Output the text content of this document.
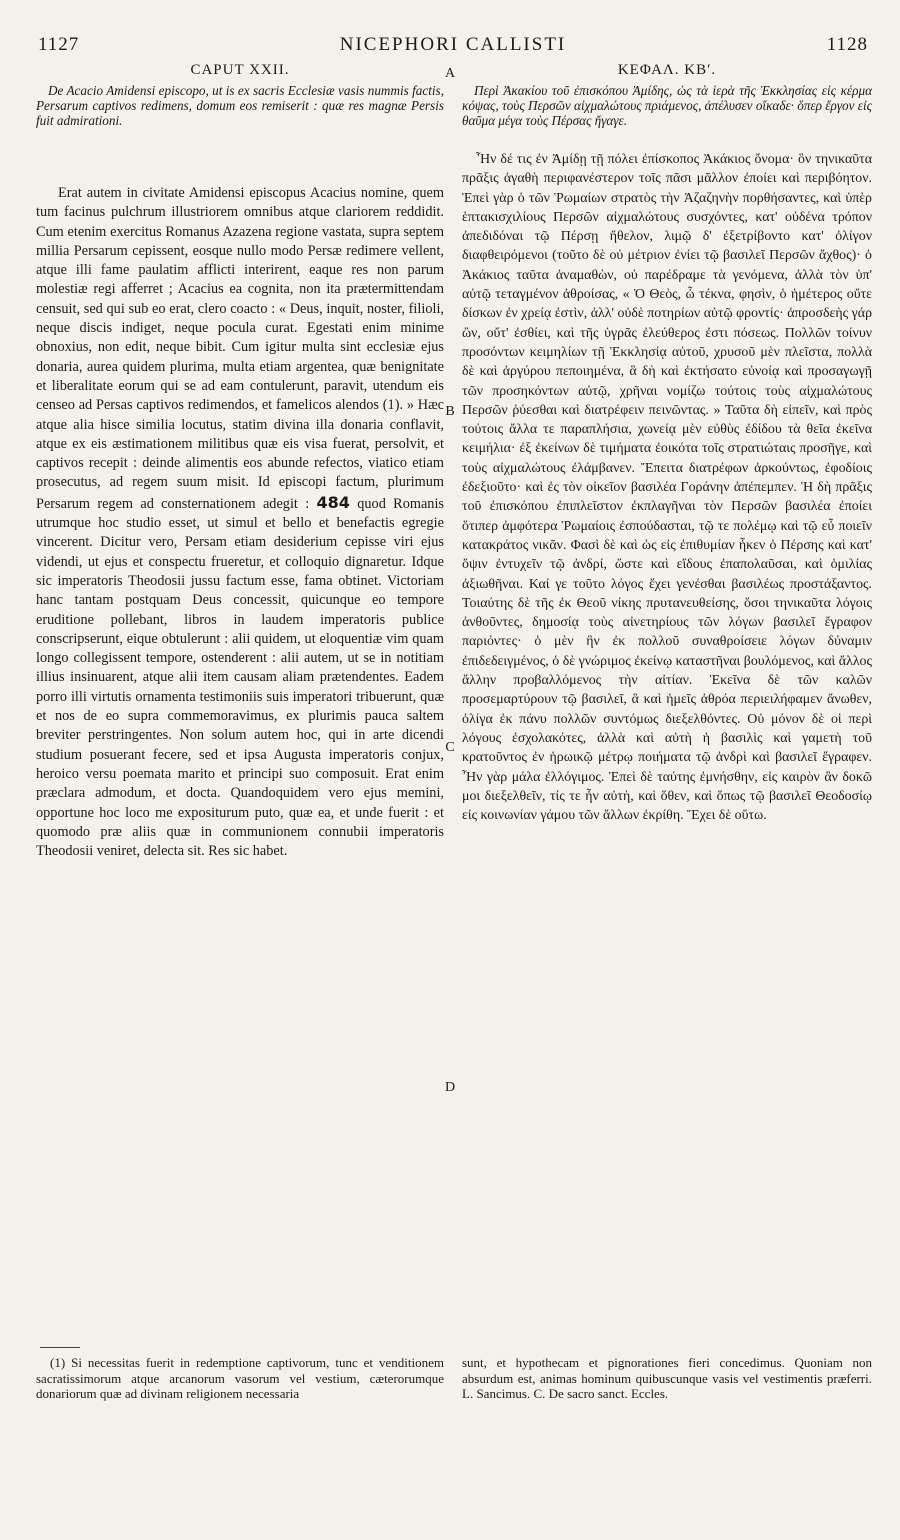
1127	NICEPHORI CALLISTI	1128
CAPUT XXII.

De Acacio Amidensi episcopo, ut is ex sacris Ecclesiæ vasis nummis factis, Persarum captivos redimens, domum eos remiserit : quæ res magnæ Persis fuit admirationi.

Erat autem in civitate Amidensi episcopus Acacius nomine, quem tum facinus pulchrum illustriorem omnibus atque clariorem reddidit. Cum etenim exercitus Romanus Azazena regione vastata, supra septem millia Persarum cepissent, eosque nullo modo Persæ redimere vellent, atque illi fame paulatim afflicti interirent, eaque res non parum molestiæ regi afferret ; Acacius ea cognita, non ita prætermittendam censuit, sed qui sub eo erat, clero coacto : « Deus, inquit, noster, filioli, neque discis indiget, neque pocula curat. Egestati enim minime obnoxius, non edit, neque bibit. Cum igitur multa sint ecclesiæ ejus donaria, aurea quidem plurima, multa etiam argentea, quæ benignitate et liberalitate eorum qui se ad eam contulerunt, paravit, utendum eis censeo ad Persas captivos redimendos, et famelicos alendos (1). » Hæc atque alia hisce similia locutus, statim divina illa donaria conflavit, atque ex eis æstimationem militibus quæ eis visa fuerat, persolvit, et captivos recepit : deinde alimentis eos abunde refectos, viatico etiam prosecutus, ad regem suum misit. Id episcopi factum, plurimum Persarum regem ad consternationem adegit : 484 quod Romanis utrumque hoc studio esset, ut simul et bello et benefactis egregie vincerent. Dicitur vero, Persam etiam desiderium cepisse viri ejus videndi, ut ejus et conspectu frueretur, et colloquio dignaretur. Idque sic imperatoris Theodosii jussu factum esse, fama obtinet. Victoriam hanc tantam postquam Deus concessit, quicunque eo tempore eruditione pollebant, libros in laudem imperatoris publice conscripserunt, eique obtulerunt : alii quidem, ut eloquentiæ vim quam longo collegissent tempore, ostenderent : alii autem, ut se in notitiam illius insinuarent, atque alii item causam aliam prætendentes. Eadem porro illi virtutis ornamenta testimoniis suis imperatori tribuerunt, quæ et nos de eo supra commemoravimus, ex plurimis pauca saltem breviter perstringentes. Non solum autem hoc, qui in arte dicendi studium posuerant fecere, sed et ipsa Augusta imperatoris conjux, heroico versu poemata marito et principi suo composuit. Erat enim præclara admodum, et docta. Quandoquidem vero ejus memini, opportune hoc loco me expositurum puto, quæ ea, et unde fuerit : et quomodo præ aliis quæ in communionem connubii imperatoris Theodosii veniret, delecta sit. Res sic habet.

ΚΕΦΑΛ. ΚΒʹ.

Περὶ Ἀκακίου τοῦ ἐπισκόπου Ἀμίδης, ὡς τὰ ἱερὰ τῆς Ἐκκλησίας εἰς κέρμα κόψας, τοὺς Περσῶν αἰχμαλώτους πριάμενος, ἀπέλυσεν οἴκαδε· ὅπερ ἔργον εἰς θαῦμα μέγα τοὺς Πέρσας ἤγαγε.

Ἦν δέ τις ἐν Ἀμίδῃ τῇ πόλει ἐπίσκοπος Ἀκάκιος ὄνομα· ὃν τηνικαῦτα πρᾶξις ἀγαθὴ περιφανέστερον τοῖς πᾶσι μᾶλλον ἐποίει καὶ περιβόητον. Ἐπεὶ γὰρ ὁ τῶν Ῥωμαίων στρατὸς τὴν Ἀζαζηνὴν πορθήσαντες, καὶ ὑπὲρ ἑπτακισχιλίους Περσῶν αἰχμαλώτους συσχόντες, κατ' οὐδένα τρόπον ἀπεδιδόναι τῷ Πέρσῃ ἤθελον, λιμῷ δ' ἐξετρίβοντο κατ' ὀλίγον διαφθειρόμενοι (τοῦτο δὲ οὐ μέτριον ἐνίει τῷ βασιλεῖ Περσῶν ἄχθος)· ὁ Ἀκάκιος ταῦτα ἀναμαθὼν, οὐ παρέδραμε τὰ γενόμενα, ἀλλὰ τὸν ὑπ' αὐτῷ τεταγμένον ἀθροίσας, « Ὁ Θεὸς, ὦ τέκνα, φησὶν, ὁ ἡμέτερος οὔτε δίσκων ἐν χρείᾳ ἐστὶν, ἀλλ' οὐδὲ ποτηρίων αὐτῷ φροντίς· ἀπροσδεὴς γάρ ὢν, οὔτ' ἐσθίει, καὶ τῆς ὑγρᾶς ἐλεύθερος ἐστι πόσεως. Πολλῶν τοίνυν προσόντων κειμηλίων τῇ Ἐκκλησίᾳ αὐτοῦ, χρυσοῦ μὲν πλεῖστα, πολλὰ δὲ καὶ ἀργύρου πεποιημένα, ἃ δὴ καὶ ἐκτήσατο εὐνοίᾳ καὶ προσαγωγῇ τῶν προσηκόντων αὐτῷ, χρῆναι νομίζω τούτοις τοὺς αἰχμαλώτους Περσῶν ῥύεσθαι καὶ διατρέφειν πεινῶντας. » Ταῦτα δὴ εἰπεῖν, καὶ πρὸς τούτοις ἄλλα τε παραπλήσια, χωνείᾳ μὲν εὐθὺς ἐδίδου τὰ θεῖα ἐκεῖνα κειμήλια· ἐξ ἐκείνων δὲ τιμήματα ἐοικότα τοῖς στρατιώταις προσῆγε, καὶ τοὺς αἰχμαλώτους ἐλάμβανεν. Ἔπειτα διατρέφων ἀρκούντως, ἐφοδίοις ἐδεξιοῦτο· καὶ ἐς τὸν οἰκεῖον βασιλέα Γοράνην ἀπέπεμπεν. Ἡ δὴ πρᾶξις τοῦ ἐπισκόπου ἐπιπλεῖστον ἐκπλαγῆναι τὸν Περσῶν βασιλέα ἐποίει ὅτιπερ ἀμφότερα Ῥωμαίοις ἐσπούδασται, τῷ τε πολέμῳ καὶ τῷ εὖ ποιεῖν κατακράτος νικᾶν. Φασὶ δὲ καὶ ὡς εἰς ἐπιθυμίαν ἧκεν ὁ Πέρσης καὶ κατ' ὄψιν ἐντυχεῖν τῷ ἀνδρί, ὥστε καὶ εἴδους ἐπαπολαῦσαι, καὶ ὁμιλίας ἀξιωθῆναι. Καί γε τοῦτο λόγος ἔχει γενέσθαι βασιλέως προστάξαντος. Τοιαύτης δὲ τῆς ἐκ Θεοῦ νίκης πρυτανευθείσης, ὅσοι τηνικαῦτα λόγοις ἀνθοῦντες, δημοσίᾳ τοὺς αἰνετηρίους τῶν λόγων βασιλεῖ ἔγραφον παριόντες· ὁ μὲν ἣν ἐκ πολλοῦ συναθροίσειε λόγων δύναμιν ἐπιδεδειγμένος, ὁ δὲ γνώριμος ἐκείνῳ καταστῆναι βουλόμενος, καὶ ἄλλος ἄλλην προβαλλόμενος τὴν αἰτίαν. Ἐκεῖνα δὲ τῶν καλῶν προσεμαρτύρουν τῷ βασιλεῖ, ἃ καὶ ἡμεῖς ἀθρόα περιειλήφαμεν ἄνωθεν, ὀλίγα ἐκ πάνυ πολλῶν συντόμως διεξελθόντες. Οὐ μόνον δὲ οἱ περὶ λόγους ἐσχολακότες, ἀλλὰ καὶ αὐτὴ ἡ βασιλὶς καὶ γαμετὴ τοῦ κρατοῦντος ἐν ἡρωικῷ μέτρῳ ποιήματα τῷ ἀνδρὶ καὶ βασιλεῖ ἔγραφεν. Ἦν γὰρ μάλα ἐλλόγιμος. Ἐπεὶ δὲ ταύτης ἐμνήσθην, εἰς καιρὸν ἂν δοκῶ μοι διεξελθεῖν, τίς τε ἦν αὐτὴ, καὶ ὅθεν, καὶ ὅπως τῷ βασιλεῖ Θεοδοσίῳ εἰς κοινωνίαν γάμου τῶν ἄλλων ἐκρίθη. Ἔχει δὲ οὕτω.

A
B
C
D

(1) Si necessitas fuerit in redemptione captivorum, tunc et venditionem sacratissimorum atque arcanorum vasorum vel vestium, cæterorumque donariorum quæ ad divinam religionem necessaria

sunt, et hypothecam et pignorationes fieri concedimus. Quoniam non absurdum est, animas hominum quibuscunque vasis vel vestimentis præferri. L. Sancimus. C. De sacro sanct. Eccles.
